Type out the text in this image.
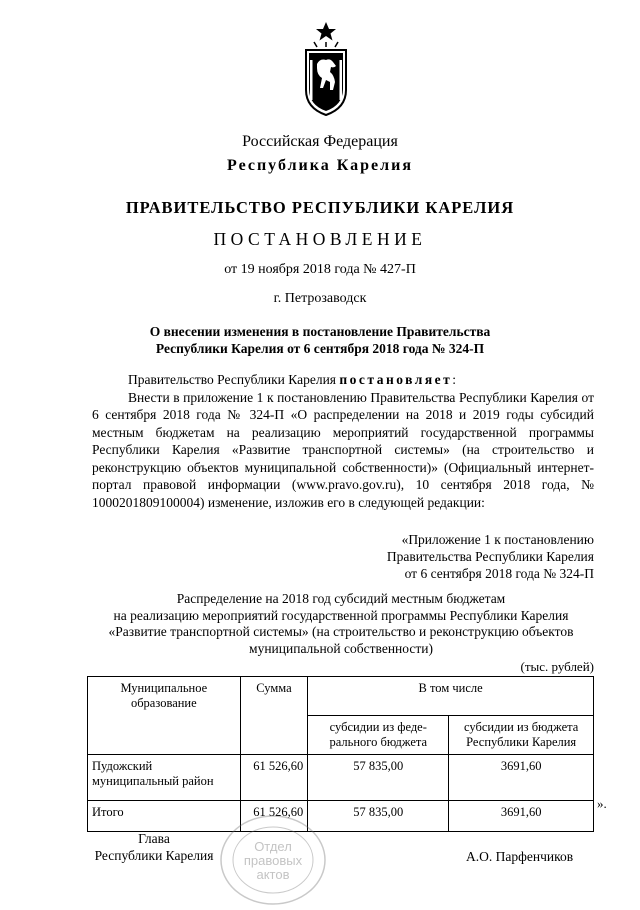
Российская Федерация
Республика Карелия
ПРАВИТЕЛЬСТВО РЕСПУБЛИКИ КАРЕЛИЯ
ПОСТАНОВЛЕНИЕ
от 19 ноября 2018 года № 427-П
г. Петрозаводск
О внесении изменения в постановление Правительства
Республики Карелия от 6 сентября 2018 года № 324-П

Правительство Республики Карелия постановляет:

Внести в приложение 1 к постановлению Правительства Республики Карелия от 6 сентября 2018 года № 324-П «О распределении на 2018 и 2019 годы субсидий местным бюджетам на реализацию мероприятий государственной программы Республики Карелия «Развитие транспортной системы» (на строительство и реконструкцию объектов муниципальной собственности)» (Официальный интернет-портал правовой информации (www.pravo.gov.ru), 10 сентября 2018 года, № 1000201809100004) изменение, изложив его в следующей редакции:

«Приложение 1 к постановлению
Правительства Республики Карелия
от 6 сентября 2018 года № 324-П
Распределение на 2018 год субсидий местным бюджетам
на реализацию мероприятий государственной программы Республики Карелия
«Развитие транспортной системы» (на строительство и реконструкцию объектов
муниципальной собственности)
(тыс. рублей)
Муниципальное образование	Сумма	В том числе	
		субсидии из феде- рального бюджета	субсидии из бюджета Республики Карелия
Пудожский муниципальный район	61 526,60	57 835,00	3691,60
Итого	61 526,60	57 835,00	3691,60
».
Глава
Республики Карелия
Отдел
правовых
актов
А.О. Парфенчиков
